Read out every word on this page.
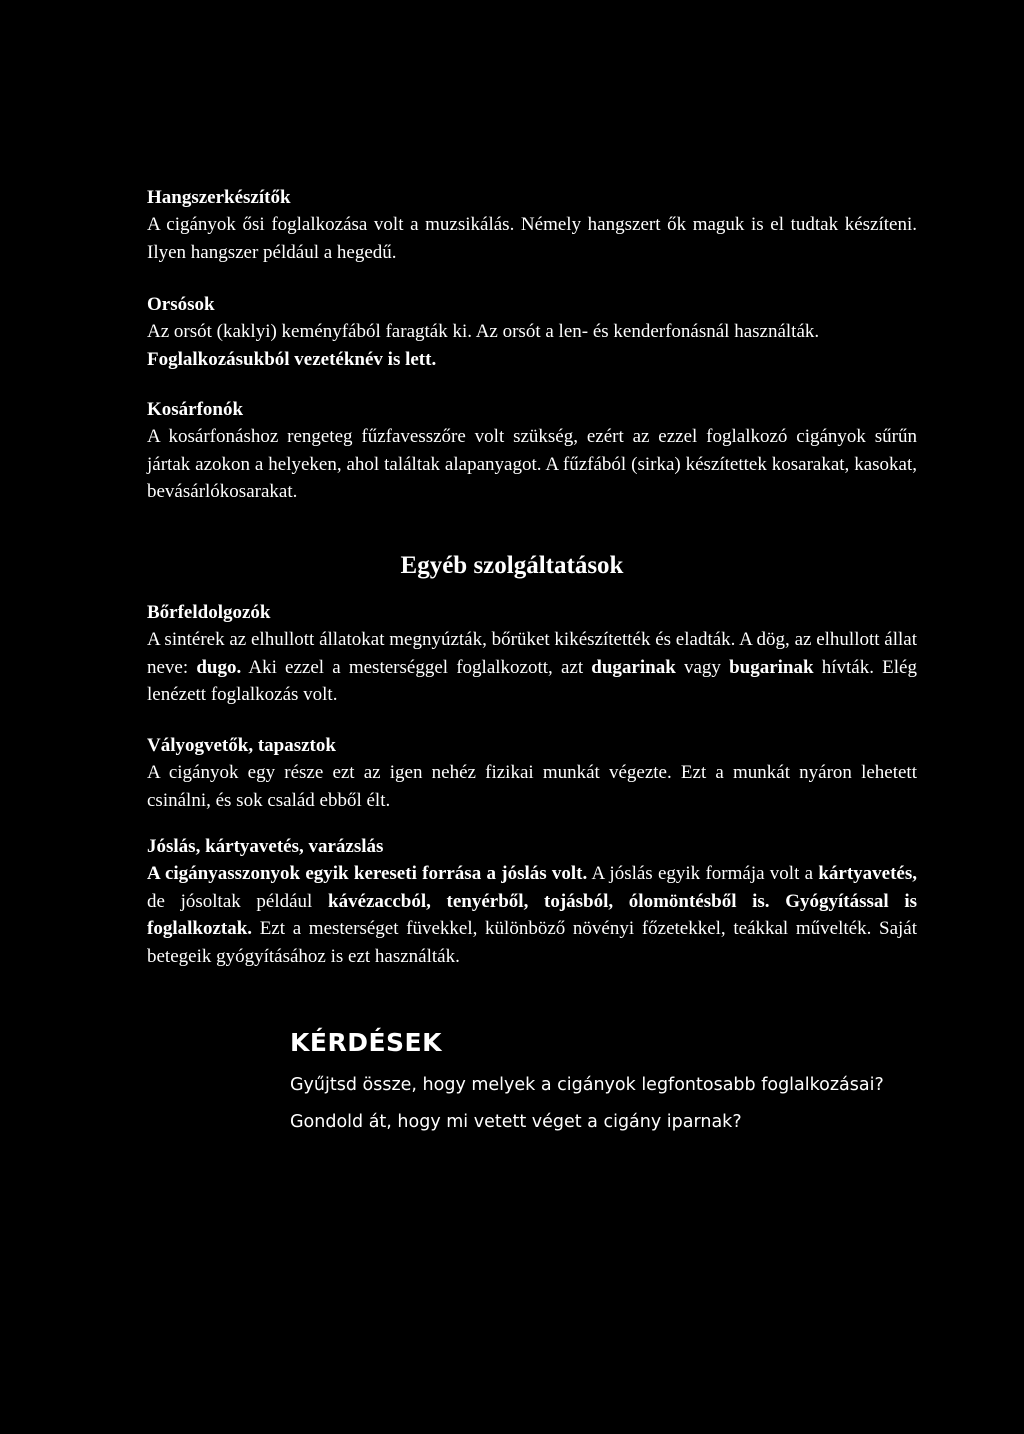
Hangszerkészítők

A cigányok ősi foglalkozása volt a muzsikálás. Némely hangszert ők maguk is el tudtak készíteni. Ilyen hangszer például a hegedű.

Orsósok

Az orsót (kaklyi) keményfából faragták ki. Az orsót a len- és kenderfonásnál használták.

Foglalkozásukból vezetéknév is lett.

Kosárfonók

A kosárfonáshoz rengeteg fűzfavesszőre volt szükség, ezért az ezzel foglalkozó cigányok sűrűn jártak azokon a helyeken, ahol találtak alapanyagot. A fűzfából (sirka) készítettek kosarakat, kasokat, bevásárlókosarakat.

Egyéb szolgáltatások

Bőrfeldolgozók

A sintérek az elhullott állatokat megnyúzták, bőrüket kikészítették és eladták. A dög, az elhullott állat neve: dugo. Aki ezzel a mesterséggel foglalkozott, azt dugarinak vagy bugarinak hívták. Elég lenézett foglalkozás volt.

Vályogvetők, tapasztok

A cigányok egy része ezt az igen nehéz fizikai munkát végezte. Ezt a munkát nyáron lehetett csinálni, és sok család ebből élt.

Jóslás, kártyavetés, varázslás

A cigányasszonyok egyik kereseti forrása a jóslás volt. A jóslás egyik formája volt a kártyavetés, de jósoltak például kávézaccból, tenyérből, tojásból, ólomöntésből is. Gyógyítással is foglalkoztak. Ezt a mesterséget füvekkel, különböző növényi főzetekkel, teákkal művelték. Saját betegeik gyógyításához is ezt használták.

KÉRDÉSEK

Gyűjtsd össze, hogy melyek a cigányok legfontosabb foglalkozásai?

Gondold át, hogy mi vetett véget a cigány iparnak?
